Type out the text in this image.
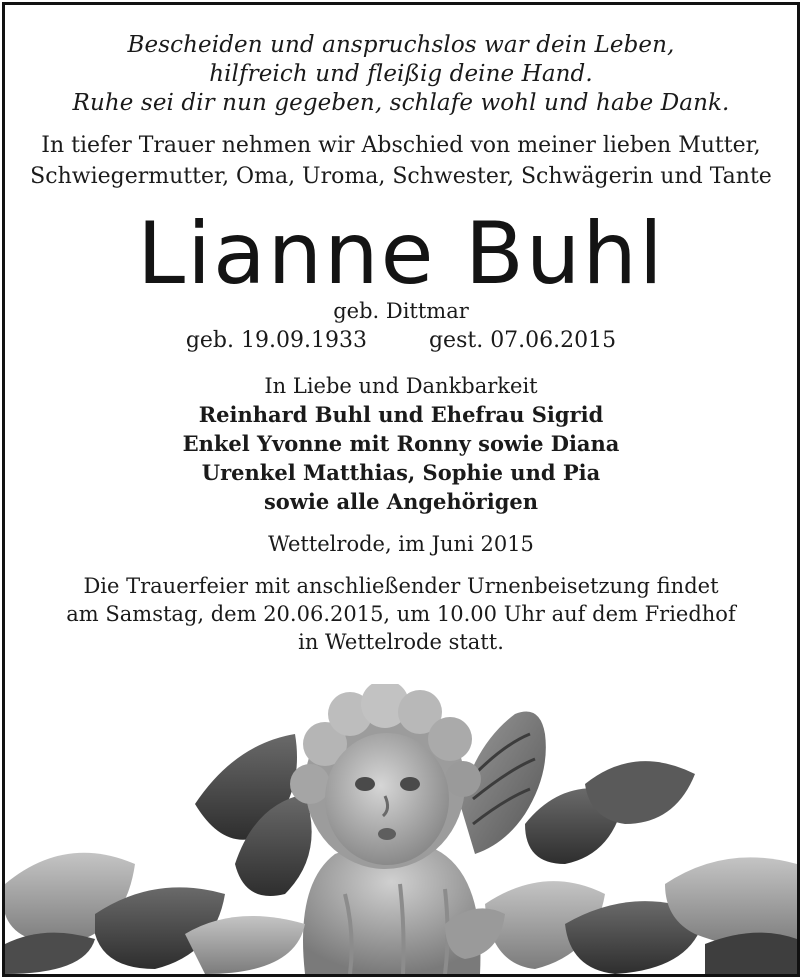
Bescheiden und anspruchslos war dein Leben,
hilfreich und fleißig deine Hand.
Ruhe sei dir nun gegeben, schlafe wohl und habe Dank.
In tiefer Trauer nehmen wir Abschied von meiner lieben Mutter,
Schwiegermutter, Oma, Uroma, Schwester, Schwägerin und Tante
Lianne Buhl
geb. Dittmar
geb. 19.09.1933	gest. 07.06.2015
In Liebe und Dankbarkeit
Reinhard Buhl und Ehefrau Sigrid
Enkel Yvonne mit Ronny sowie Diana
Urenkel Matthias, Sophie und Pia
sowie alle Angehörigen
Wettelrode, im Juni 2015
Die Trauerfeier mit anschließender Urnenbeisetzung findet
am Samstag, dem 20.06.2015, um 10.00 Uhr auf dem Friedhof
in Wettelrode statt.
